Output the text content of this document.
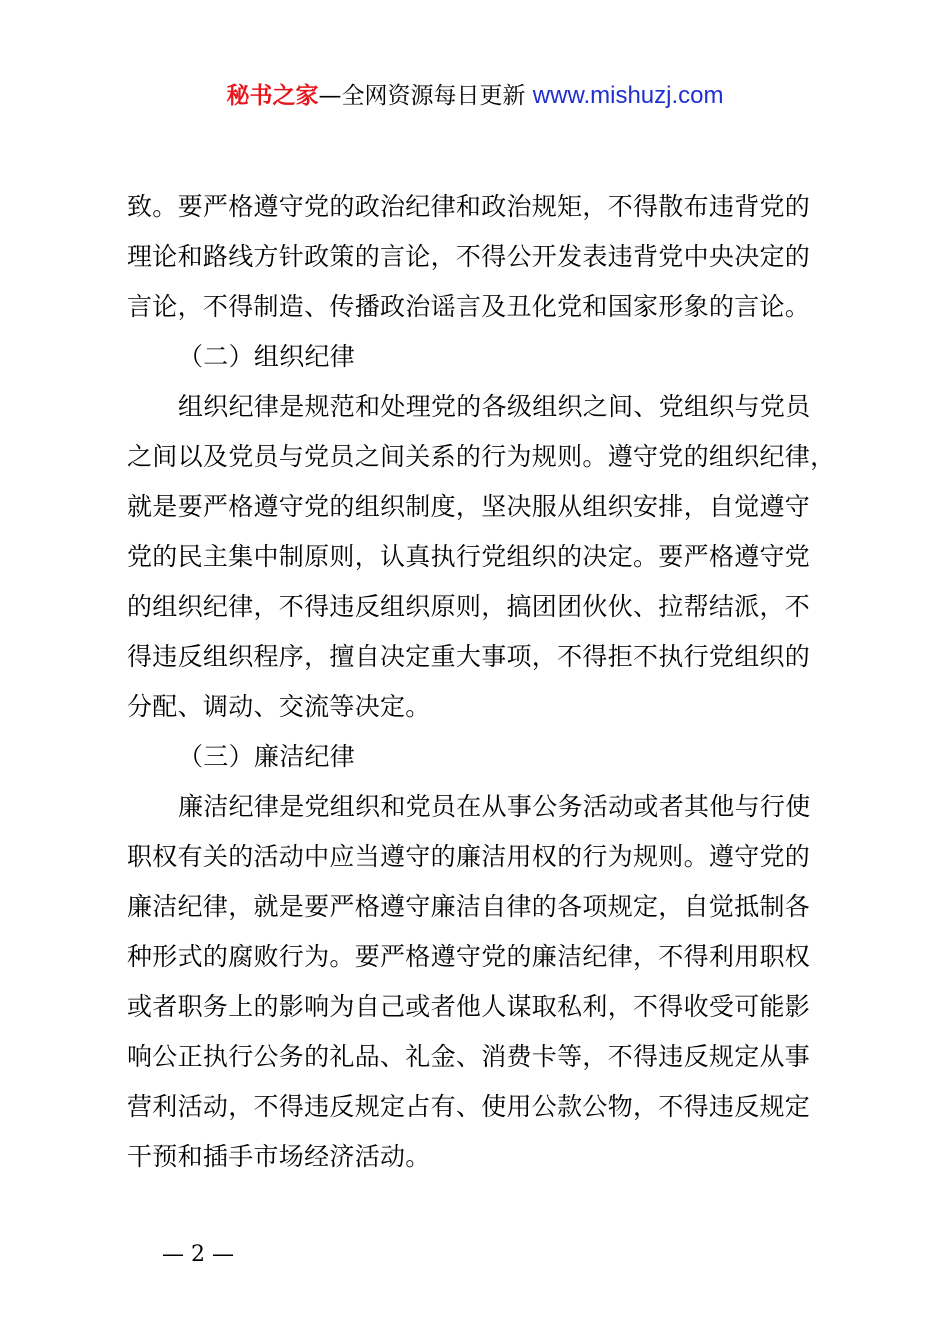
秘书之家—全网资源每日更新 www.mishuzj.com
致。要严格遵守党的政治纪律和政治规矩，不得散布违背党的
理论和路线方针政策的言论，不得公开发表违背党中央决定的
言论，不得制造、传播政治谣言及丑化党和国家形象的言论。
（二）组织纪律
组织纪律是规范和处理党的各级组织之间、党组织与党员
之间以及党员与党员之间关系的行为规则。遵守党的组织纪律，
就是要严格遵守党的组织制度，坚决服从组织安排，自觉遵守
党的民主集中制原则，认真执行党组织的决定。要严格遵守党
的组织纪律，不得违反组织原则，搞团团伙伙、拉帮结派，不
得违反组织程序，擅自决定重大事项，不得拒不执行党组织的
分配、调动、交流等决定。
（三）廉洁纪律
廉洁纪律是党组织和党员在从事公务活动或者其他与行使
职权有关的活动中应当遵守的廉洁用权的行为规则。遵守党的
廉洁纪律，就是要严格遵守廉洁自律的各项规定，自觉抵制各
种形式的腐败行为。要严格遵守党的廉洁纪律，不得利用职权
或者职务上的影响为自己或者他人谋取私利，不得收受可能影
响公正执行公务的礼品、礼金、消费卡等，不得违反规定从事
营利活动，不得违反规定占有、使用公款公物，不得违反规定
干预和插手市场经济活动。
— 2 —
